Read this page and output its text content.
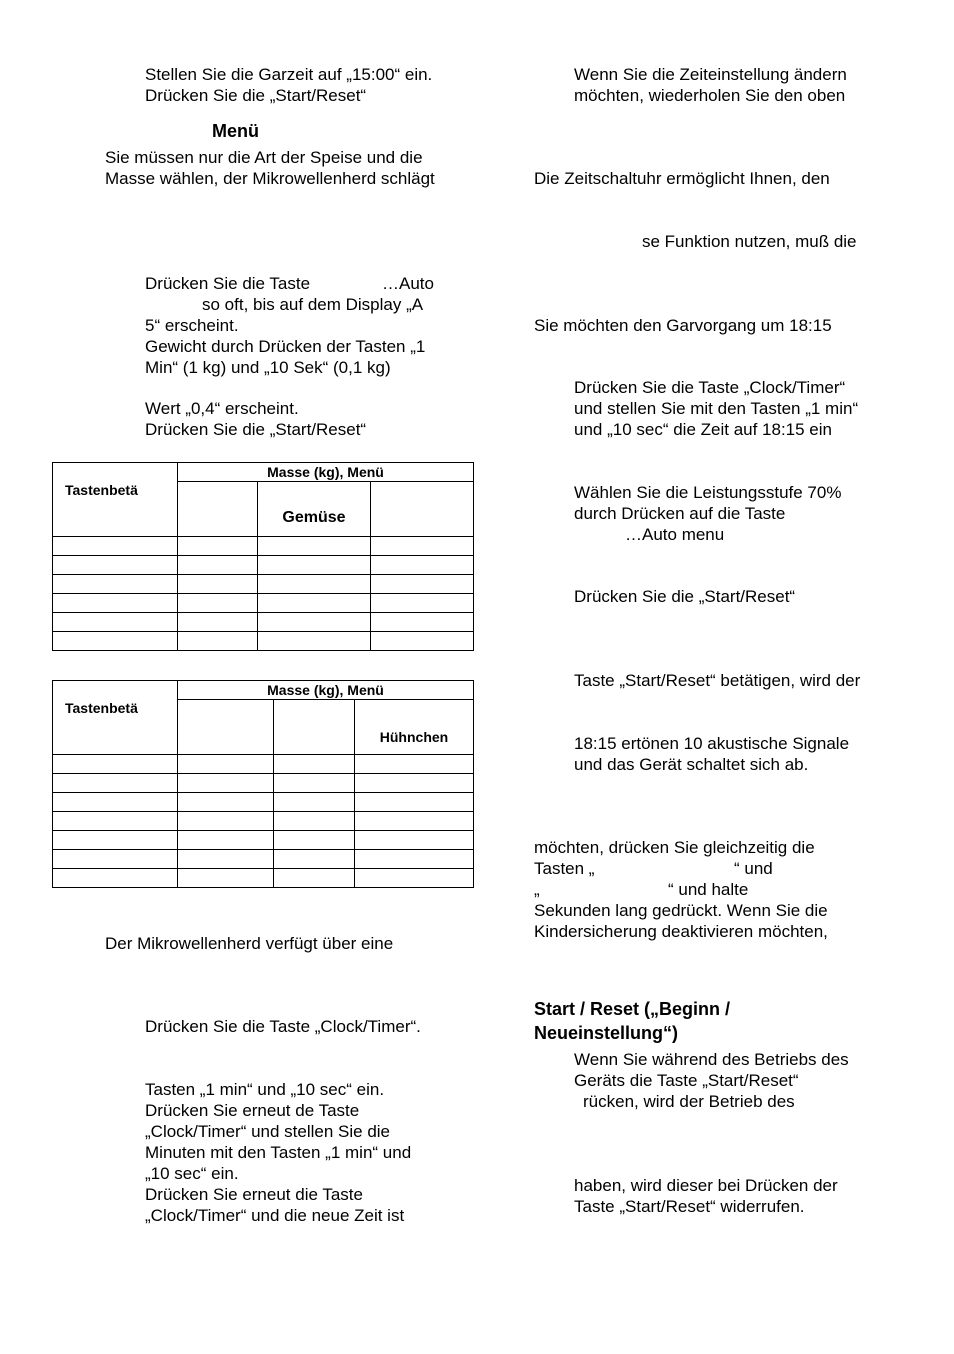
Stellen Sie die Garzeit auf „15:00“ ein.
Drücken Sie die „Start/Reset“
Menü
Sie müssen nur die Art der Speise und die
Masse wählen, der Mikrowellenherd schlägt
Drücken Sie die Taste	…Auto
so oft, bis auf dem Display „A
5“ erscheint.
Gewicht durch Drücken der Tasten „1
Min“ (1 kg) und „10 Sek“ (0,1 kg)
Wert „0,4“ erscheint.
Drücken Sie die „Start/Reset“
Tastenbetä	Masse (kg), Menü		
		Gemüse	

Tastenbetä	Masse (kg), Menü		
			Hühnchen

Der Mikrowellenherd verfügt über eine
Drücken Sie die Taste „Clock/Timer“.
Tasten „1 min“ und „10 sec“ ein.
Drücken Sie erneut de Taste
„Clock/Timer“ und stellen Sie die
Minuten mit den Tasten „1 min“ und
„10 sec“ ein.
Drücken Sie erneut die Taste
„Clock/Timer“ und die neue Zeit ist
Wenn Sie die Zeiteinstellung ändern
möchten, wiederholen Sie den oben
Die Zeitschaltuhr ermöglicht Ihnen, den
se Funktion nutzen, muß die
Sie möchten den Garvorgang um 18:15
Drücken Sie die Taste „Clock/Timer“
und stellen Sie mit den Tasten „1 min“
und „10 sec“ die Zeit auf 18:15 ein
Wählen Sie die Leistungsstufe 70%
durch Drücken auf die Taste
…Auto menu
Drücken Sie die „Start/Reset“
Taste „Start/Reset“ betätigen, wird der
18:15 ertönen 10 akustische Signale
und das Gerät schaltet sich ab.
möchten, drücken Sie gleichzeitig die
Tasten „	“ und
„	“ und halte
Sekunden lang gedrückt. Wenn Sie die
Kindersicherung deaktivieren möchten,
Start / Reset („Beginn /
Neueinstellung“)
Wenn Sie während des Betriebs des
Geräts die Taste „Start/Reset“
rücken, wird der Betrieb des
haben, wird dieser bei Drücken der
Taste „Start/Reset“ widerrufen.
